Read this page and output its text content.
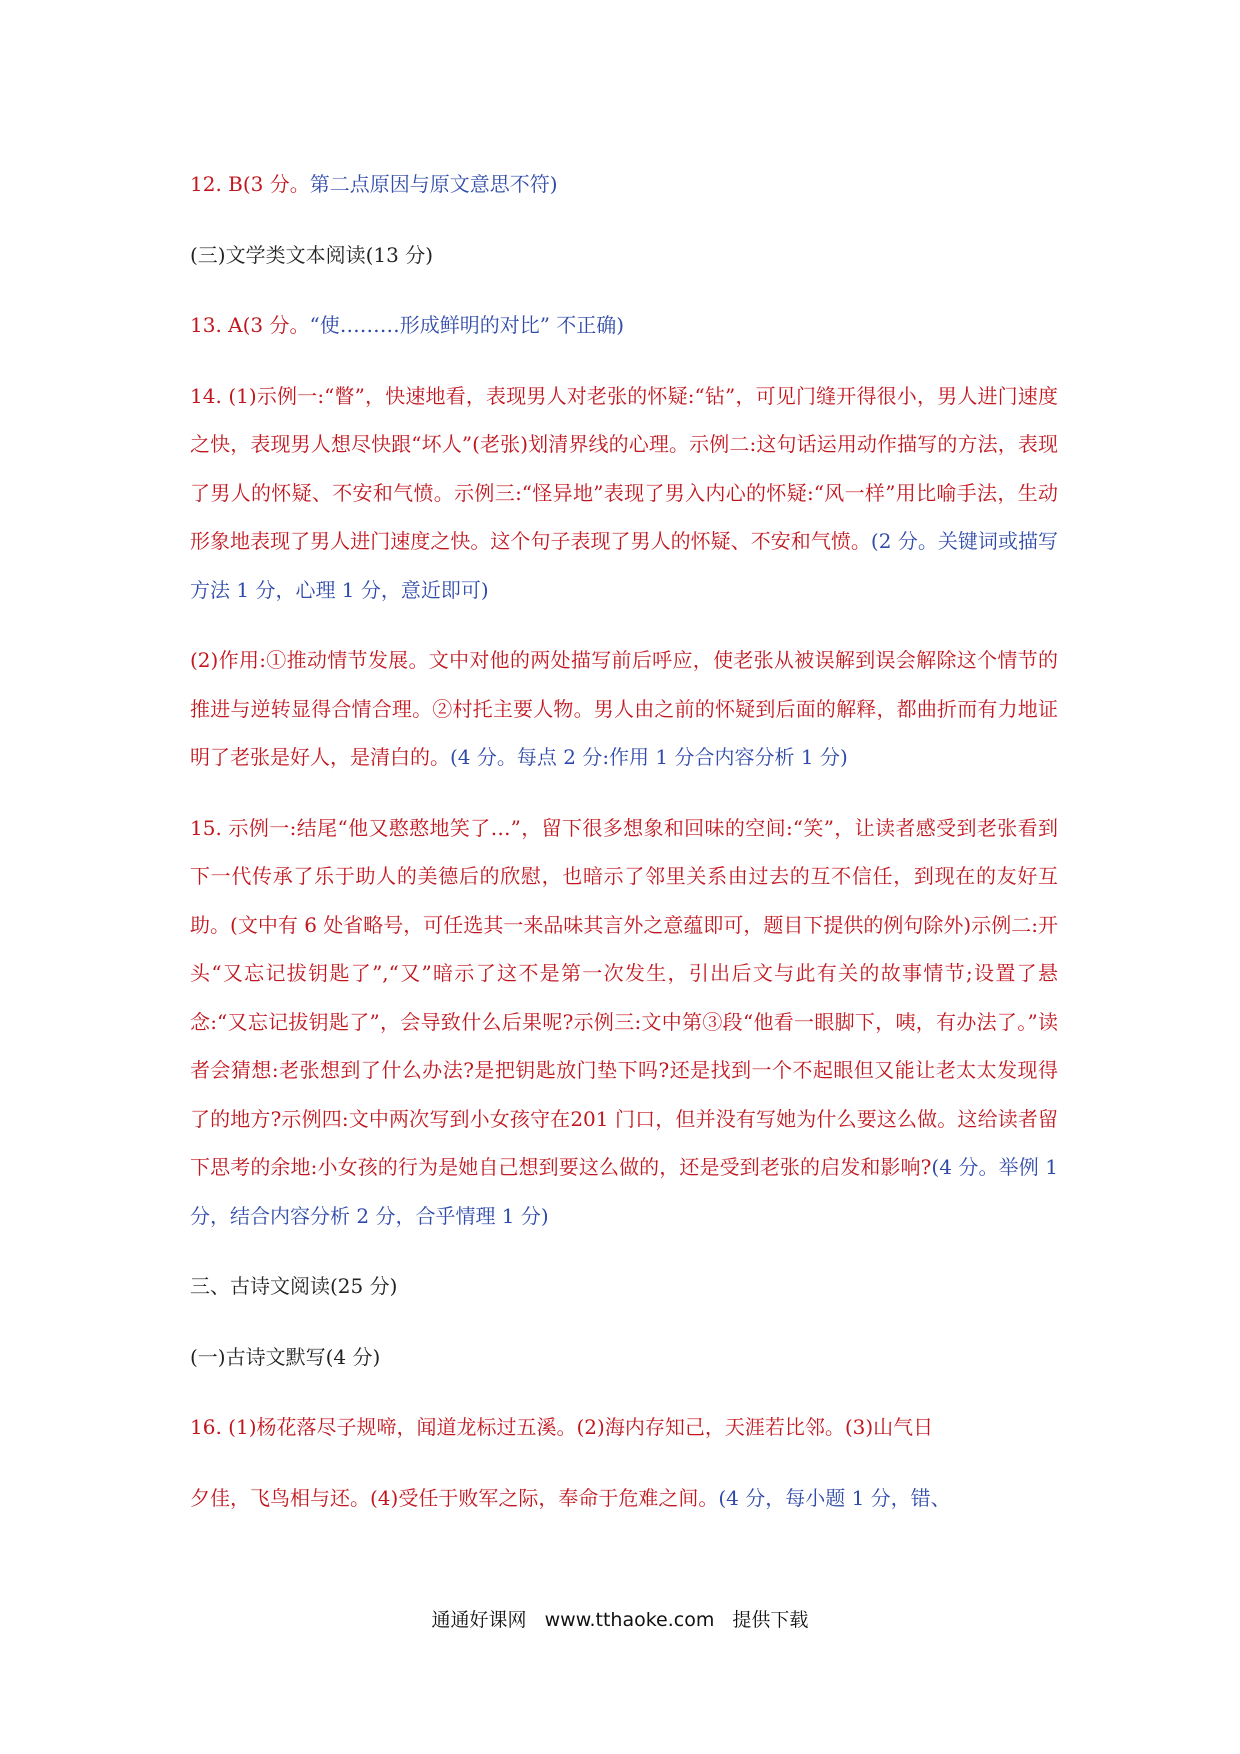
12. B(3 分。第二点原因与原文意思不符)

(三)文学类文本阅读(13 分)

13. A(3 分。“使………形成鲜明的对比” 不正确)

14. (1)示例一:“瞥”，快速地看，表现男人对老张的怀疑:“钻”，可见门缝开得很小，男人进门速度之快，表现男人想尽快跟“坏人”(老张)划清界线的心理。示例二:这句话运用动作描写的方法，表现了男人的怀疑、不安和气愤。示例三:“怪异地”表现了男入内心的怀疑:“风一样”用比喻手法，生动形象地表现了男人进门速度之快。这个句子表现了男人的怀疑、不安和气愤。(2 分。关键词或描写方法 1 分，心理 1 分，意近即可)

(2)作用:①推动情节发展。文中对他的两处描写前后呼应，使老张从被误解到误会解除这个情节的推进与逆转显得合情合理。②村托主要人物。男人由之前的怀疑到后面的解释，都曲折而有力地证明了老张是好人，是清白的。(4 分。每点 2 分:作用 1 分合内容分析 1 分)

15. 示例一:结尾“他又憨憨地笑了…”，留下很多想象和回味的空间:“笑”，让读者感受到老张看到下一代传承了乐于助人的美德后的欣慰，也暗示了邻里关系由过去的互不信任，到现在的友好互助。(文中有 6 处省略号，可任选其一来品味其言外之意蕴即可，题目下提供的例句除外)示例二:开头“又忘记拔钥匙了”,“又”暗示了这不是第一次发生，引出后文与此有关的故事情节;设置了悬念:“又忘记拔钥匙了”，会导致什么后果呢?示例三:文中第③段“他看一眼脚下，咦，有办法了。”读者会猜想:老张想到了什么办法?是把钥匙放门垫下吗?还是找到一个不起眼但又能让老太太发现得了的地方?示例四:文中两次写到小女孩守在201 门口，但并没有写她为什么要这么做。这给读者留下思考的余地:小女孩的行为是她自己想到要这么做的，还是受到老张的启发和影响?(4 分。举例 1 分，结合内容分析 2 分，合乎情理 1 分)

三、古诗文阅读(25 分)

(一)古诗文默写(4 分)

16. (1)杨花落尽子规啼，闻道龙标过五溪。(2)海内存知己，天涯若比邻。(3)山气日

夕佳，飞鸟相与还。(4)受任于败军之际，奉命于危难之间。(4 分，每小题 1 分，错、

通通好课网 www.tthaoke.com 提供下载
